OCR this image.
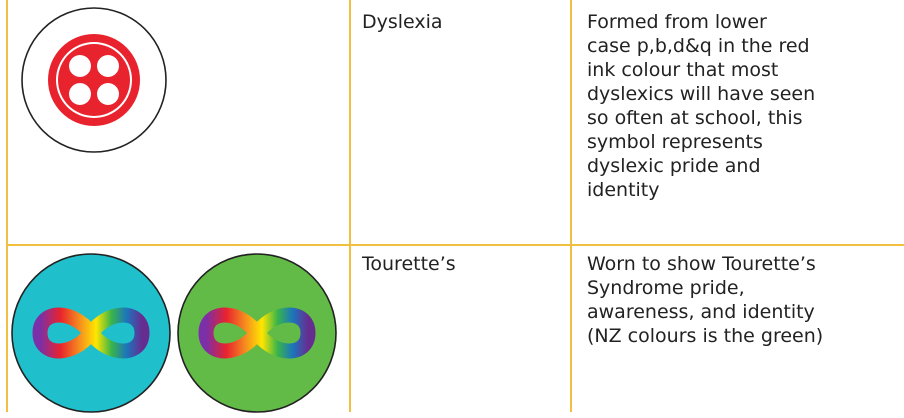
Dyslexia	Formed from lower
case p,b,d&q in the red
ink colour that most
dyslexics will have seen
so often at school, this
symbol represents
dyslexic pride and
identity
Tourette’s	Worn to show Tourette’s
Syndrome pride,
awareness, and identity
(NZ colours is the green)
